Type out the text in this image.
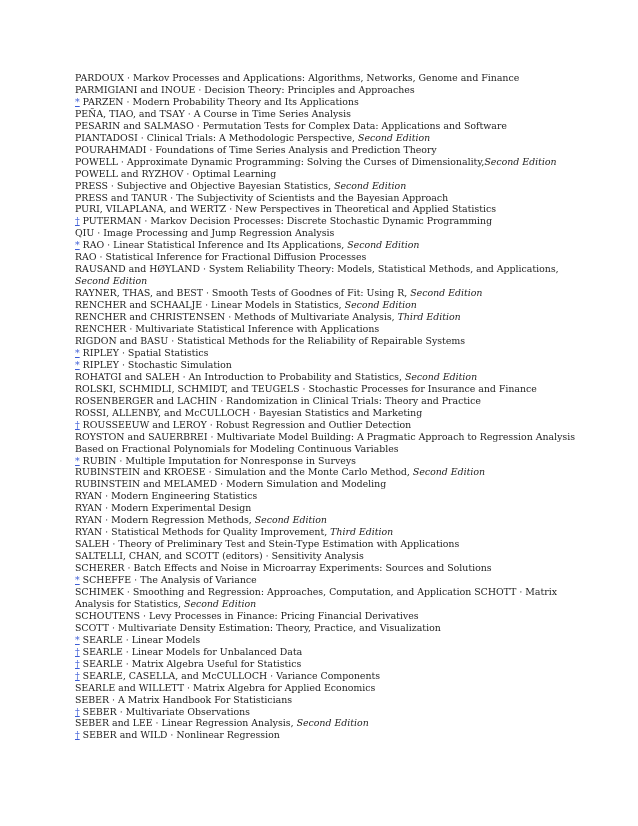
PARDOUX · Markov Processes and Applications: Algorithms, Networks, Genome and Finance
PARMIGIANI and INOUE · Decision Theory: Principles and Approaches
* PARZEN · Modern Probability Theory and Its Applications
PEÑA, TIAO, and TSAY · A Course in Time Series Analysis
PESARIN and SALMASO · Permutation Tests for Complex Data: Applications and Software
PIANTADOSI · Clinical Trials: A Methodologic Perspective, Second Edition
POURAHMADI · Foundations of Time Series Analysis and Prediction Theory
POWELL · Approximate Dynamic Programming: Solving the Curses of Dimensionality,Second Edition
POWELL and RYZHOV · Optimal Learning
PRESS · Subjective and Objective Bayesian Statistics, Second Edition
PRESS and TANUR · The Subjectivity of Scientists and the Bayesian Approach
PURI, VILAPLANA, and WERTZ · New Perspectives in Theoretical and Applied Statistics
† PUTERMAN · Markov Decision Processes: Discrete Stochastic Dynamic Programming
QIU · Image Processing and Jump Regression Analysis
* RAO · Linear Statistical Inference and Its Applications, Second Edition
RAO · Statistical Inference for Fractional Diffusion Processes
RAUSAND and HØYLAND · System Reliability Theory: Models, Statistical Methods, and Applications, Second Edition
RAYNER, THAS, and BEST · Smooth Tests of Goodnes of Fit: Using R, Second Edition
RENCHER and SCHAALJE · Linear Models in Statistics, Second Edition
RENCHER and CHRISTENSEN · Methods of Multivariate Analysis, Third Edition
RENCHER · Multivariate Statistical Inference with Applications
RIGDON and BASU · Statistical Methods for the Reliability of Repairable Systems
* RIPLEY · Spatial Statistics
* RIPLEY · Stochastic Simulation
ROHATGI and SALEH · An Introduction to Probability and Statistics, Second Edition
ROLSKI, SCHMIDLI, SCHMIDT, and TEUGELS · Stochastic Processes for Insurance and Finance
ROSENBERGER and LACHIN · Randomization in Clinical Trials: Theory and Practice
ROSSI, ALLENBY, and McCULLOCH · Bayesian Statistics and Marketing
† ROUSSEEUW and LEROY · Robust Regression and Outlier Detection
ROYSTON and SAUERBREI · Multivariate Model Building: A Pragmatic Approach to Regression Analysis Based on Fractional Polynomials for Modeling Continuous Variables
* RUBIN · Multiple Imputation for Nonresponse in Surveys
RUBINSTEIN and KROESE · Simulation and the Monte Carlo Method, Second Edition
RUBINSTEIN and MELAMED · Modern Simulation and Modeling
RYAN · Modern Engineering Statistics
RYAN · Modern Experimental Design
RYAN · Modern Regression Methods, Second Edition
RYAN · Statistical Methods for Quality Improvement, Third Edition
SALEH · Theory of Preliminary Test and Stein-Type Estimation with Applications
SALTELLI, CHAN, and SCOTT (editors) · Sensitivity Analysis
SCHERER · Batch Effects and Noise in Microarray Experiments: Sources and Solutions
* SCHEFFE · The Analysis of Variance
SCHIMEK · Smoothing and Regression: Approaches, Computation, and Application SCHOTT · Matrix Analysis for Statistics, Second Edition
SCHOUTENS · Levy Processes in Finance: Pricing Financial Derivatives
SCOTT · Multivariate Density Estimation: Theory, Practice, and Visualization
* SEARLE · Linear Models
† SEARLE · Linear Models for Unbalanced Data
† SEARLE · Matrix Algebra Useful for Statistics
† SEARLE, CASELLA, and McCULLOCH · Variance Components
SEARLE and WILLETT · Matrix Algebra for Applied Economics
SEBER · A Matrix Handbook For Statisticians
† SEBER · Multivariate Observations
SEBER and LEE · Linear Regression Analysis, Second Edition
† SEBER and WILD · Nonlinear Regression
